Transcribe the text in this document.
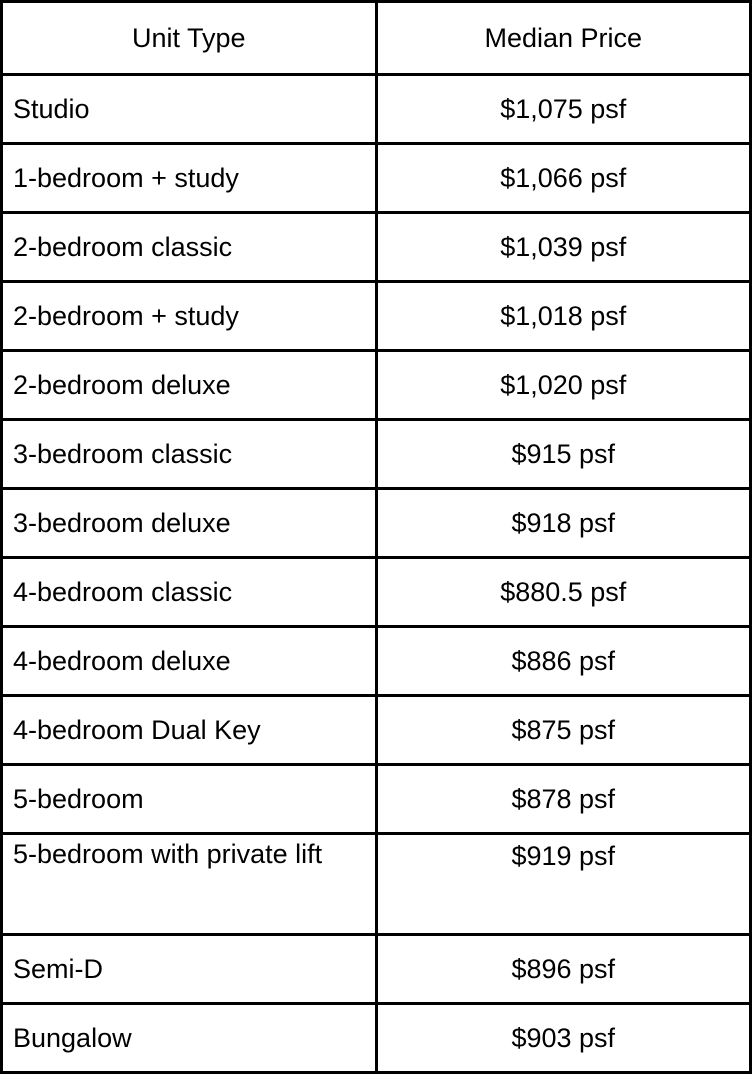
Unit Type	Median Price
Studio	$1,075 psf
1-bedroom + study	$1,066 psf
2-bedroom classic	$1,039 psf
2-bedroom + study	$1,018 psf
2-bedroom deluxe	$1,020 psf
3-bedroom classic	$915 psf
3-bedroom deluxe	$918 psf
4-bedroom classic	$880.5 psf
4-bedroom deluxe	$886 psf
4-bedroom Dual Key	$875 psf
5-bedroom	$878 psf
5-bedroom with private lift	$919 psf
Semi-D	$896 psf
Bungalow	$903 psf
